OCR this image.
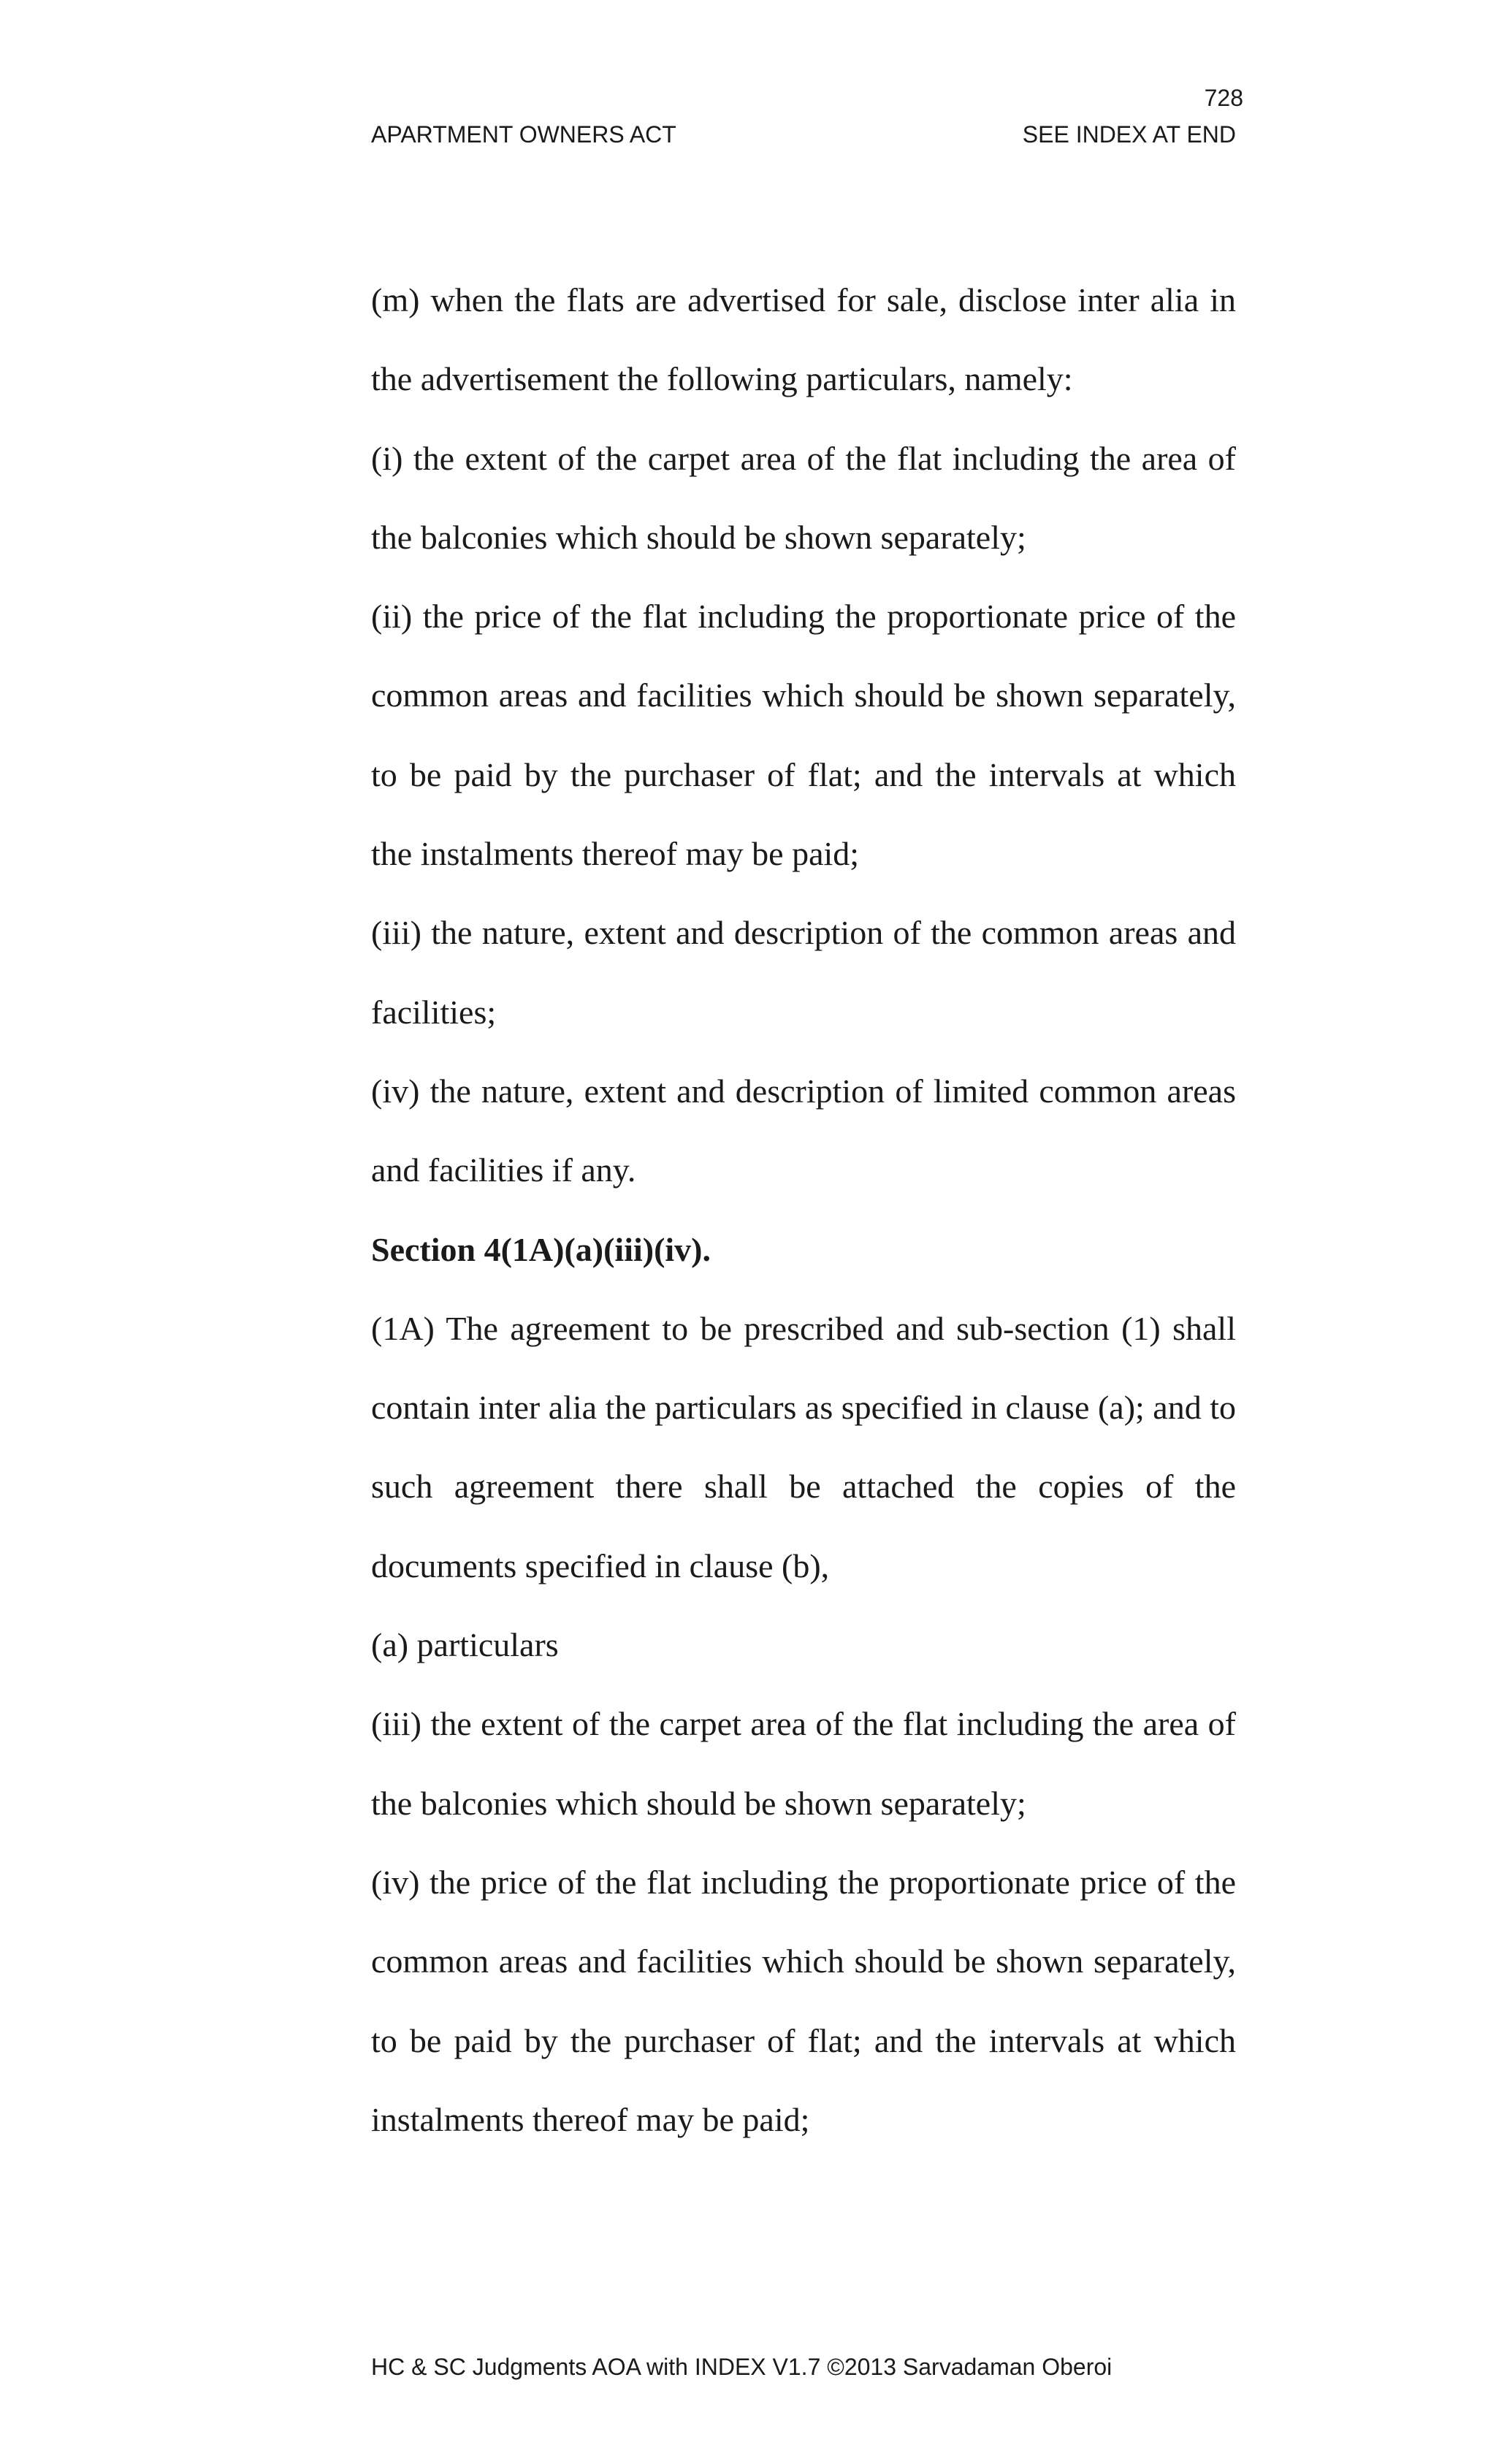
728
APARTMENT OWNERS ACT	SEE INDEX AT END

(m) when the flats are advertised for sale, disclose inter alia in the advertisement the following particulars, namely:

(i) the extent of the carpet area of the flat including the area of the balconies which should be shown separately;

(ii) the price of the flat including the proportionate price of the common areas and facilities which should be shown separately, to be paid by the purchaser of flat; and the intervals at which the instalments thereof may be paid;

(iii) the nature, extent and description of the common areas and facilities;

(iv) the nature, extent and description of limited common areas and facilities if any.

Section 4(1A)(a)(iii)(iv).

(1A) The agreement to be prescribed and sub-section (1) shall contain inter alia the particulars as specified in clause (a); and to such agreement there shall be attached the copies of the documents specified in clause (b),

(a) particulars

(iii) the extent of the carpet area of the flat including the area of the balconies which should be shown separately;

(iv) the price of the flat including the proportionate price of the common areas and facilities which should be shown separately, to be paid by the purchaser of flat; and the intervals at which instalments thereof may be paid;

HC & SC Judgments AOA with INDEX V1.7 ©2013 Sarvadaman Oberoi
